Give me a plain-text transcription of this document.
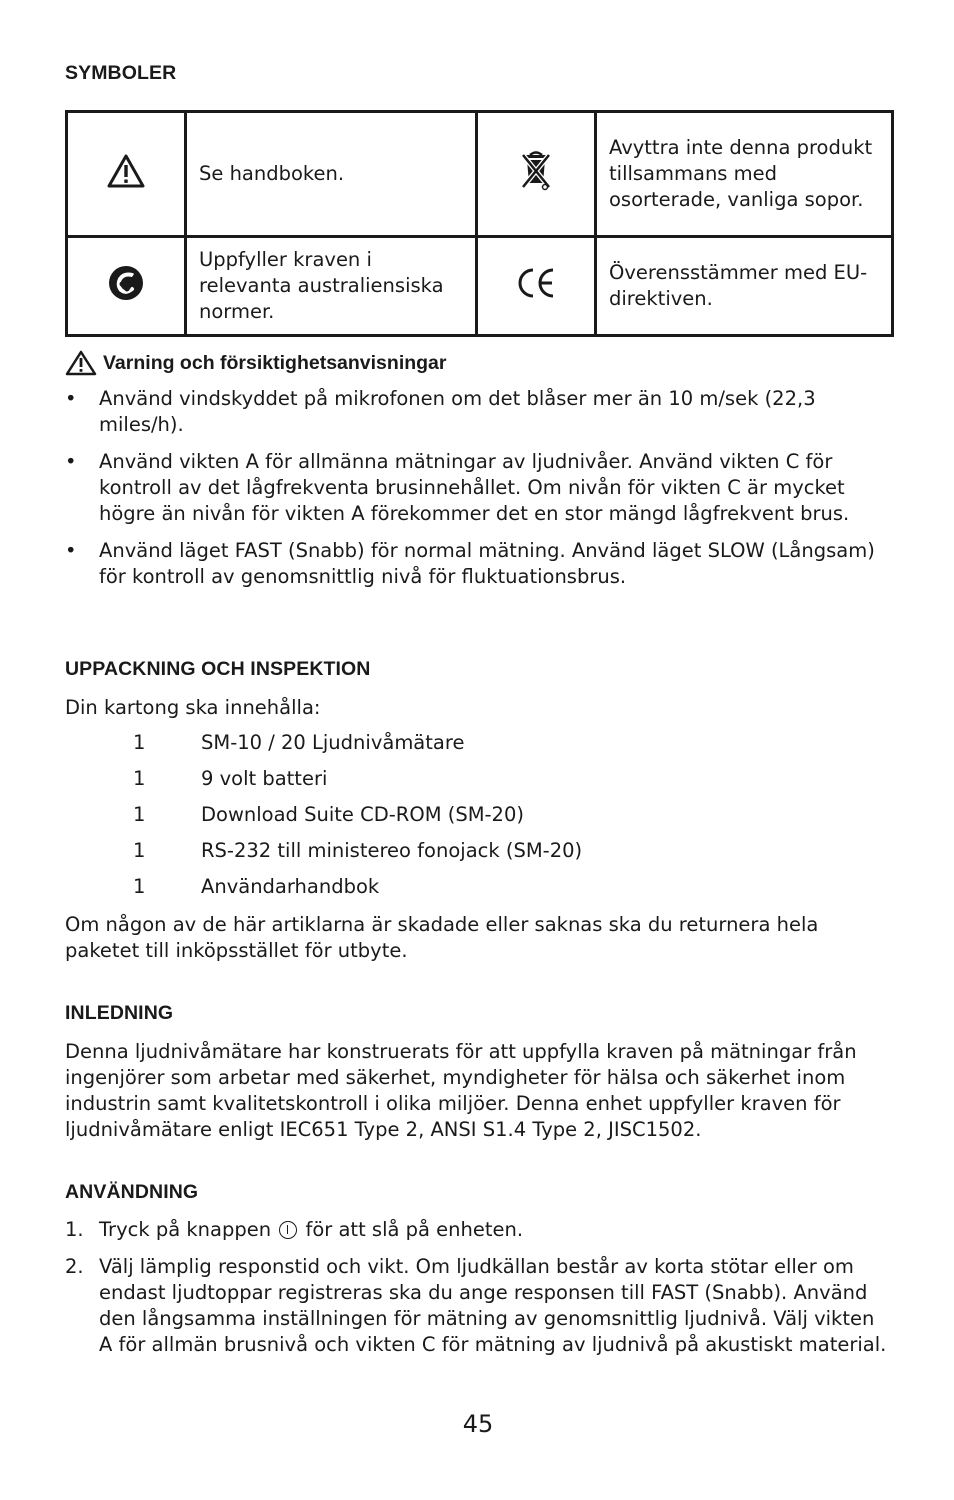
SYMBOLER
	Se handboken.		Avyttra inte denna produkt tillsammans med osorterade, vanliga sopor.
	Uppfyller kraven i relevanta australiensiska normer.		Överensstämmer med EU-direktiven.
Varning och försiktighetsanvisningar
• Använd vindskyddet på mikrofonen om det blåser mer än 10 m/sek (22,3 miles/h).
• Använd vikten A för allmänna mätningar av ljudnivåer. Använd vikten C för kontroll av det lågfrekventa brusinnehållet. Om nivån för vikten C är mycket högre än nivån för vikten A förekommer det en stor mängd lågfrekvent brus.
• Använd läget FAST (Snabb) för normal mätning. Använd läget SLOW (Långsam) för kontroll av genomsnittlig nivå för fluktuationsbrus.
UPPACKNING OCH INSPEKTION
Din kartong ska innehålla:
1	SM-10 / 20 Ljudnivåmätare
1	9 volt batteri
1	Download Suite CD-ROM (SM-20)
1	RS-232 till ministereo fonojack (SM-20)
1	Användarhandbok
Om någon av de här artiklarna är skadade eller saknas ska du returnera hela paketet till inköpsstället för utbyte.
INLEDNING
Denna ljudnivåmätare har konstruerats för att uppfylla kraven på mätningar från ingenjörer som arbetar med säkerhet, myndigheter för hälsa och säkerhet inom industrin samt kvalitetskontroll i olika miljöer. Denna enhet uppfyller kraven för ljudnivåmätare enligt IEC651 Type 2, ANSI S1.4 Type 2, JISC1502.
ANVÄNDNING
1. Tryck på knappen för att slå på enheten.
2. Välj lämplig responstid och vikt. Om ljudkällan består av korta stötar eller om endast ljudtoppar registreras ska du ange responsen till FAST (Snabb). Använd den långsamma inställningen för mätning av genomsnittlig ljudnivå. Välj vikten A för allmän brusnivå och vikten C för mätning av ljudnivå på akustiskt material.
45
